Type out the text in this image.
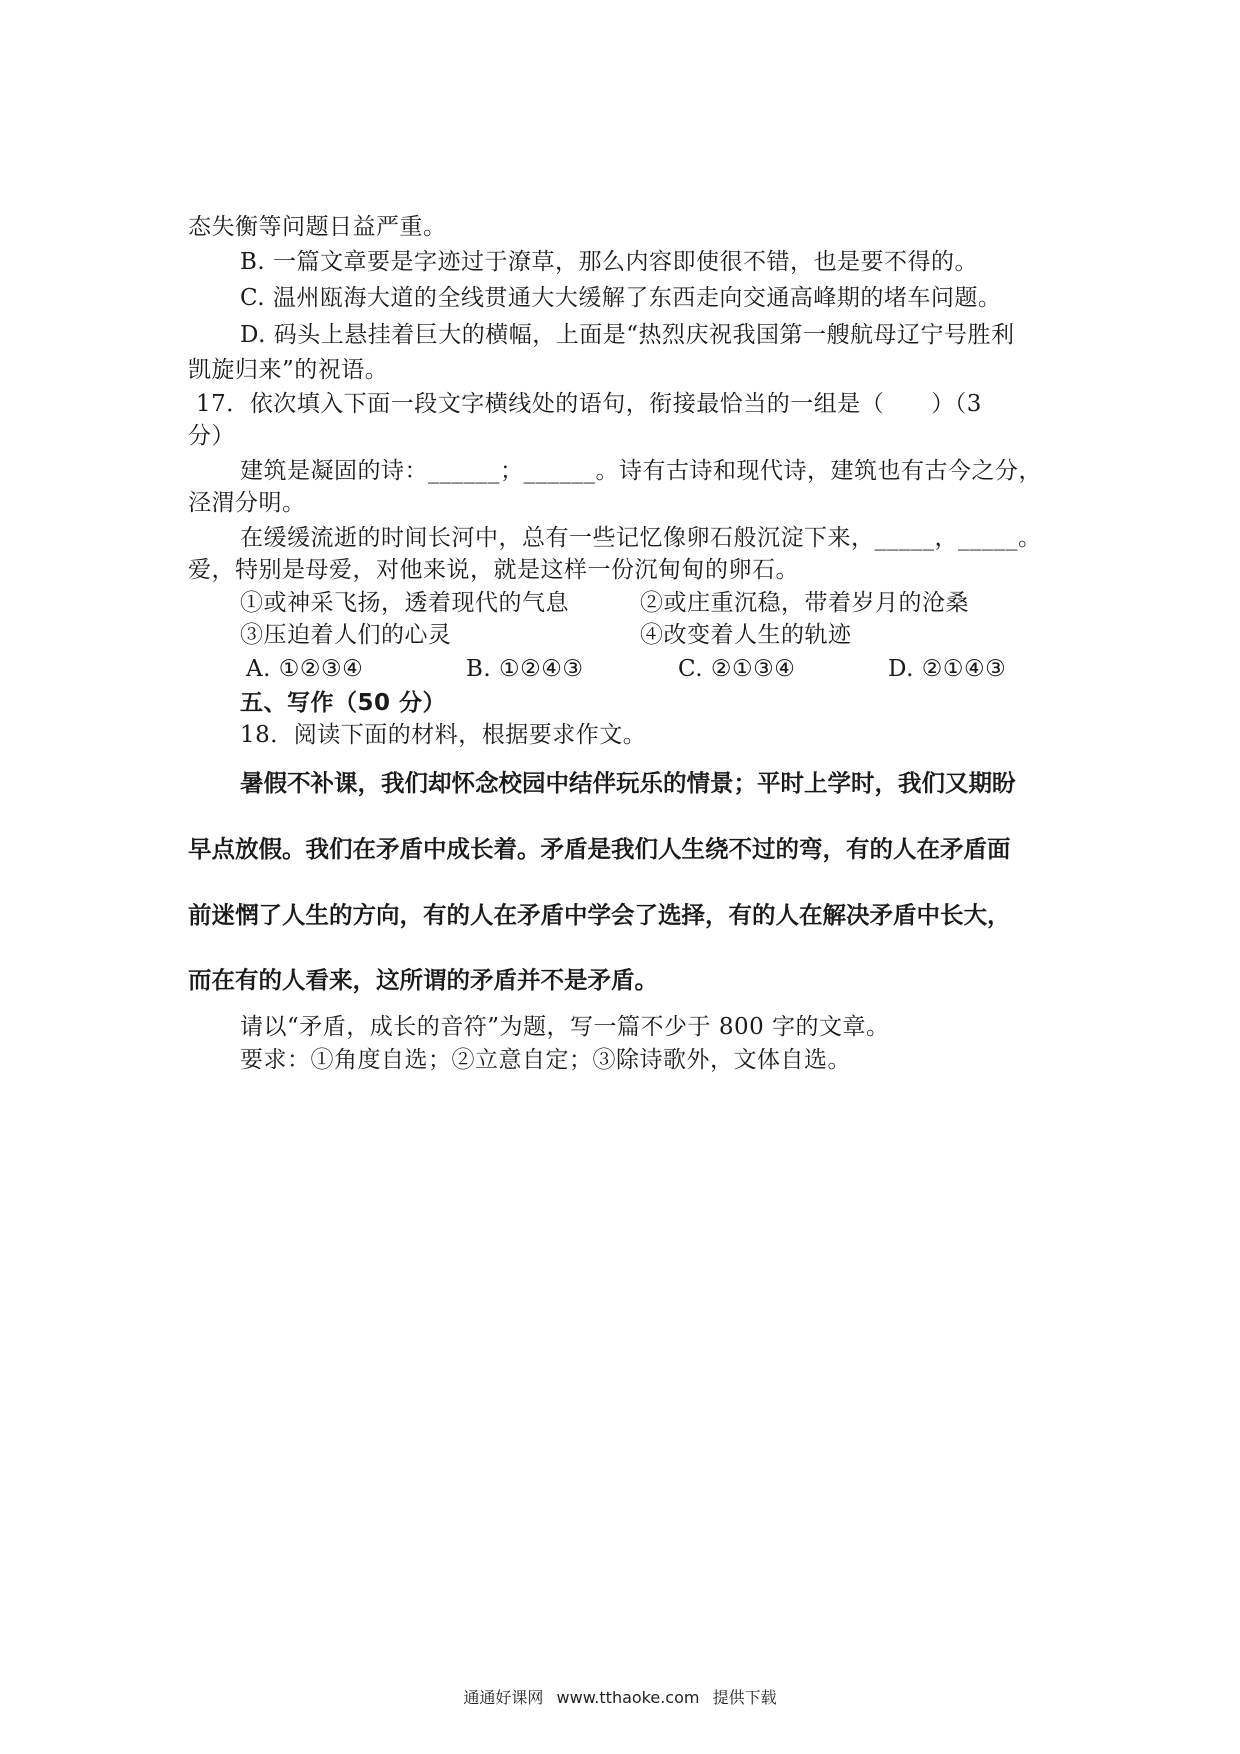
态失衡等问题日益严重。
B. 一篇文章要是字迹过于潦草，那么内容即使很不错，也是要不得的。
C. 温州瓯海大道的全线贯通大大缓解了东西走向交通高峰期的堵车问题。
D. 码头上悬挂着巨大的横幅，上面是“热烈庆祝我国第一艘航母辽宁号胜利
凯旋归来”的祝语。
17．依次填入下面一段文字横线处的语句，衔接最恰当的一组是（　　）（3
分）
建筑是凝固的诗：______；______。诗有古诗和现代诗，建筑也有古今之分，
泾渭分明。
在缓缓流逝的时间长河中，总有一些记忆像卵石般沉淀下来，_____，_____。
爱，特别是母爱，对他来说，就是这样一份沉甸甸的卵石。
①或神采飞扬，透着现代的气息	②或庄重沉稳，带着岁月的沧桑
③压迫着人们的心灵	④改变着人生的轨迹
A. ①②③④	B. ①②④③	C. ②①③④	D. ②①④③
五、写作（50 分）
18．阅读下面的材料，根据要求作文。
暑假不补课，我们却怀念校园中结伴玩乐的情景；平时上学时，我们又期盼
早点放假。我们在矛盾中成长着。矛盾是我们人生绕不过的弯，有的人在矛盾面
前迷惘了人生的方向，有的人在矛盾中学会了选择，有的人在解决矛盾中长大，
而在有的人看来，这所谓的矛盾并不是矛盾。
请以“矛盾，成长的音符”为题，写一篇不少于 800 字的文章。
要求：①角度自选；②立意自定；③除诗歌外，文体自选。
通通好课网 www.tthaoke.com 提供下载
